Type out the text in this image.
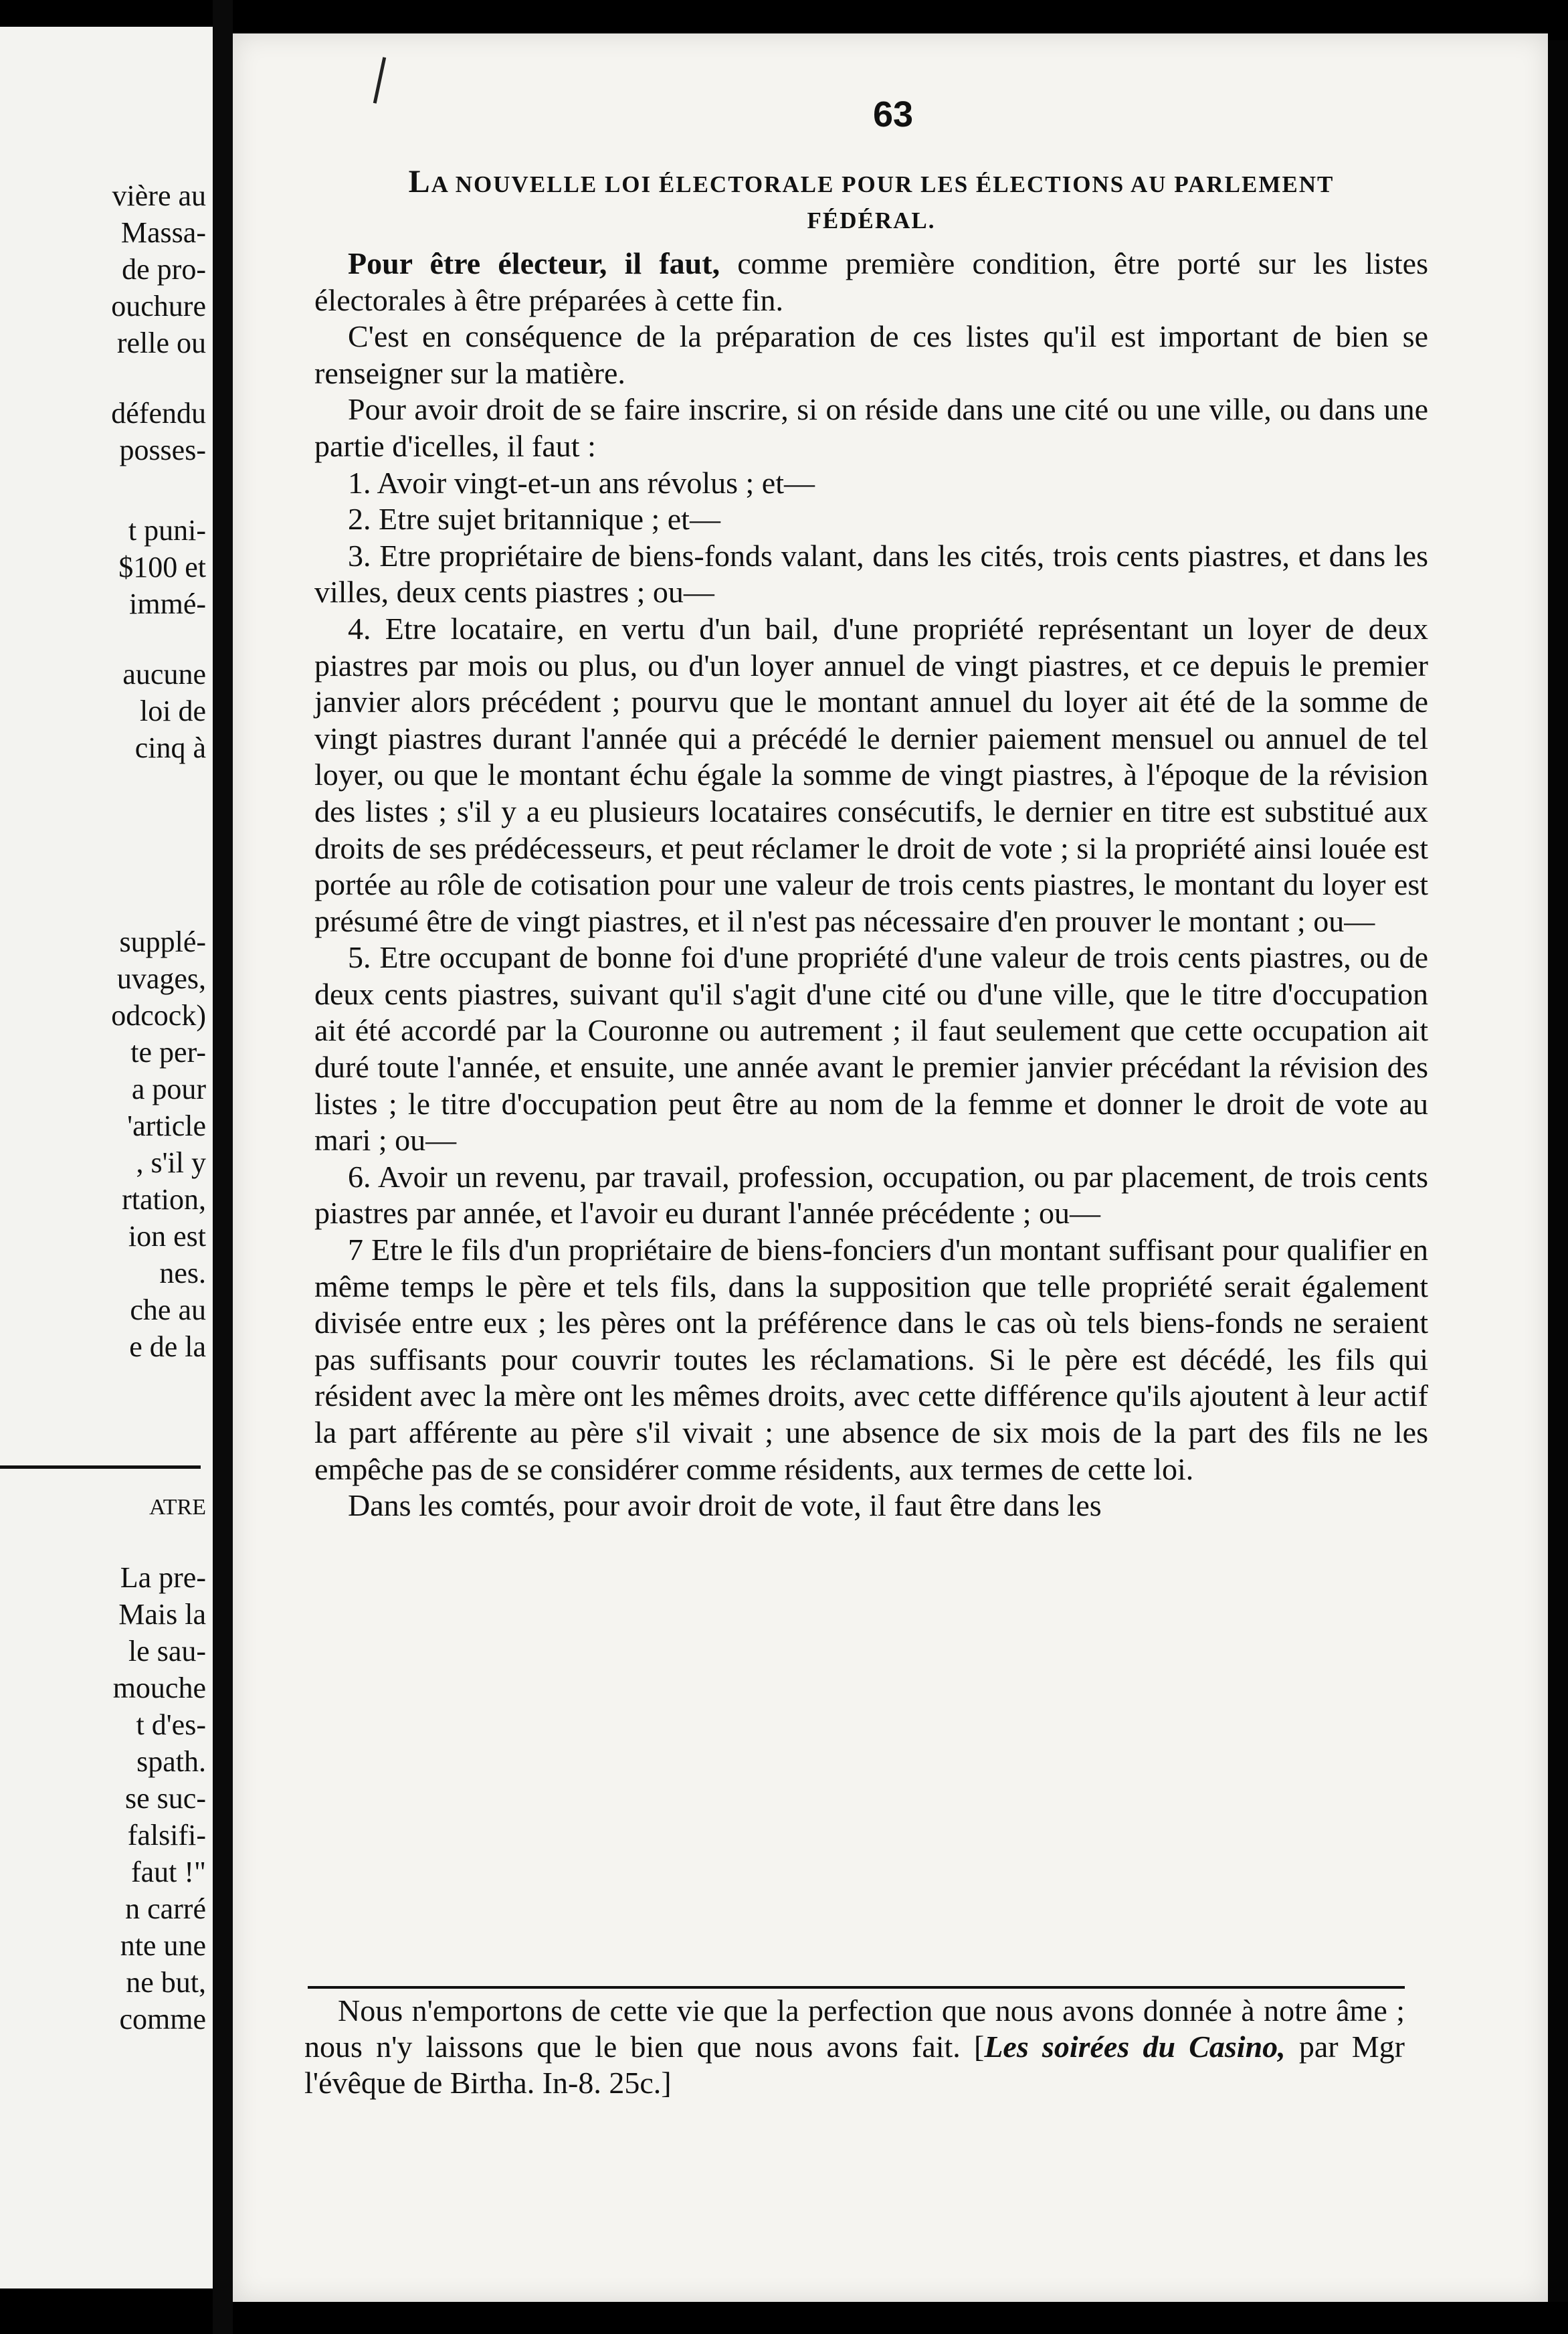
vière au
Massa-
de pro-
ouchure
relle ou
défendu
posses-
t puni-
$100 et
immé-
aucune
loi de
cinq à
supplé-
uvages,
odcock)
te per-
a pour
'article
, s'il y
rtation,
ion est
nes.
che au
e de la
ATRE
La pre-
Mais la
le sau-
mouche
t d'es-
spath.
se suc-
falsifi-
faut !"
n carré
nte une
ne but,
comme
63
LA NOUVELLE LOI ÉLECTORALE POUR LES ÉLECTIONS AU PARLEMENT
FÉDÉRAL.

Pour être électeur, il faut, comme première condition, être porté sur les listes électorales à être préparées à cette fin.

C'est en conséquence de la préparation de ces listes qu'il est important de bien se renseigner sur la matière.

Pour avoir droit de se faire inscrire, si on réside dans une cité ou une ville, ou dans une partie d'icelles, il faut :

1. Avoir vingt-et-un ans révolus ; et—

2. Etre sujet britannique ; et—

3. Etre propriétaire de biens-fonds valant, dans les cités, trois cents piastres, et dans les villes, deux cents piastres ; ou—

4. Etre locataire, en vertu d'un bail, d'une propriété représentant un loyer de deux piastres par mois ou plus, ou d'un loyer annuel de vingt piastres, et ce depuis le premier janvier alors précédent ; pourvu que le montant annuel du loyer ait été de la somme de vingt piastres durant l'année qui a précédé le dernier paiement mensuel ou annuel de tel loyer, ou que le montant échu égale la somme de vingt piastres, à l'époque de la révision des listes ; s'il y a eu plusieurs locataires consécutifs, le dernier en titre est substitué aux droits de ses prédécesseurs, et peut réclamer le droit de vote ; si la propriété ainsi louée est portée au rôle de cotisation pour une valeur de trois cents piastres, le montant du loyer est présumé être de vingt piastres, et il n'est pas nécessaire d'en prouver le montant ; ou—

5. Etre occupant de bonne foi d'une propriété d'une valeur de trois cents piastres, ou de deux cents piastres, suivant qu'il s'agit d'une cité ou d'une ville, que le titre d'occupation ait été accordé par la Couronne ou autrement ; il faut seulement que cette occupation ait duré toute l'année, et ensuite, une année avant le premier janvier précédant la révision des listes ; le titre d'occupation peut être au nom de la femme et donner le droit de vote au mari ; ou—

6. Avoir un revenu, par travail, profession, occupation, ou par placement, de trois cents piastres par année, et l'avoir eu durant l'année précédente ; ou—

7 Etre le fils d'un propriétaire de biens-fonciers d'un montant suffisant pour qualifier en même temps le père et tels fils, dans la supposition que telle propriété serait également divisée entre eux ; les pères ont la préférence dans le cas où tels biens-fonds ne seraient pas suffisants pour couvrir toutes les réclamations. Si le père est décédé, les fils qui résident avec la mère ont les mêmes droits, avec cette différence qu'ils ajoutent à leur actif la part afférente au père s'il vivait ; une absence de six mois de la part des fils ne les empêche pas de se considérer comme résidents, aux termes de cette loi.

Dans les comtés, pour avoir droit de vote, il faut être dans les

Nous n'emportons de cette vie que la perfection que nous avons donnée à notre âme ; nous n'y laissons que le bien que nous avons fait. [Les soirées du Casino, par Mgr l'évêque de Birtha. In-8. 25c.]
